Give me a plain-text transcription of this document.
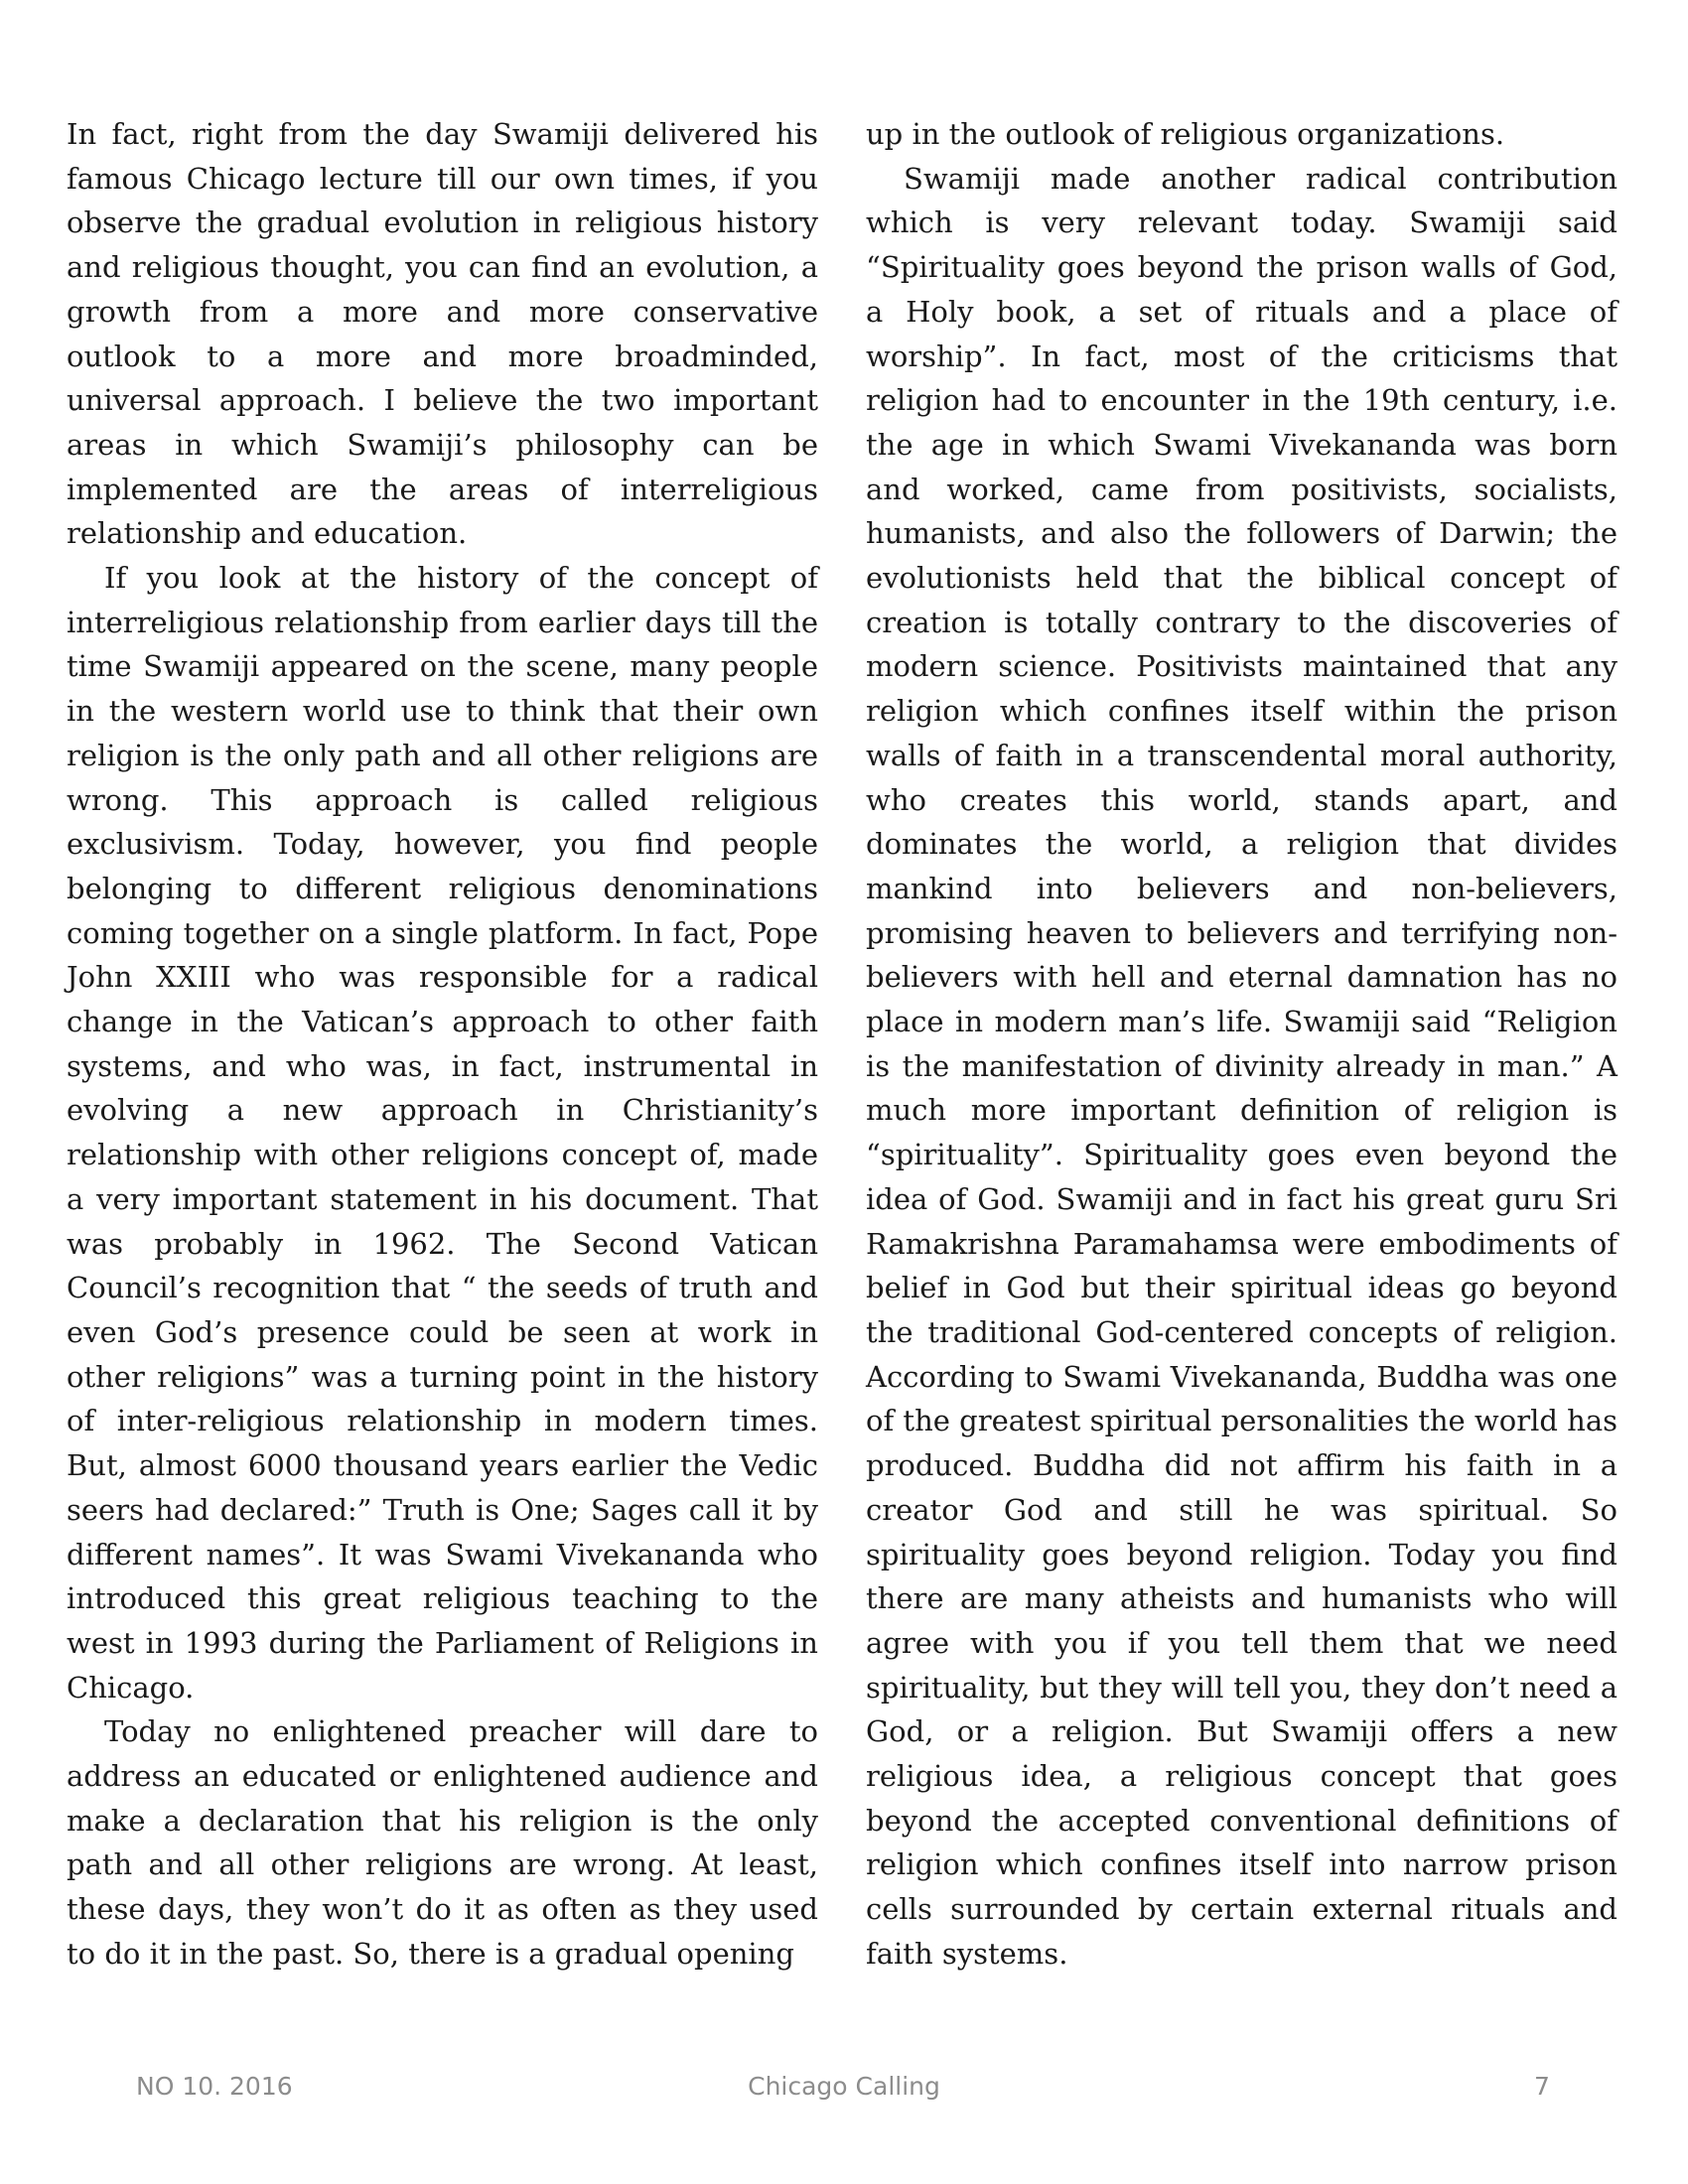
In fact, right from the day Swamiji delivered his famous Chicago lecture till our own times, if you observe the gradual evolution in religious history and religious thought, you can find an evolution, a growth from a more and more conservative outlook to a more and more broadminded, universal approach. I believe the two important areas in which Swamiji’s philosophy can be implemented are the areas of interreligious relationship and education.

If you look at the history of the concept of interreligious relationship from earlier days till the time Swamiji appeared on the scene, many people in the western world use to think that their own religion is the only path and all other religions are wrong. This approach is called religious exclusivism. Today, however, you find people belonging to different religious denominations coming together on a single platform. In fact, Pope John XXIII who was responsible for a radical change in the Vatican’s approach to other faith systems, and who was, in fact, instrumental in evolving a new approach in Christianity’s relationship with other religions concept of, made a very important statement in his document. That was probably in 1962. The Second Vatican Council’s recognition that “ the seeds of truth and even God’s presence could be seen at work in other religions” was a turning point in the history of inter-religious relationship in modern times. But, almost 6000 thousand years earlier the Vedic seers had declared:” Truth is One; Sages call it by different names”. It was Swami Vivekananda who introduced this great religious teaching to the west in 1993 during the Parliament of Religions in Chicago.

Today no enlightened preacher will dare to address an educated or enlightened audience and make a declaration that his religion is the only path and all other religions are wrong. At least, these days, they won’t do it as often as they used to do it in the past. So, there is a gradual opening

up in the outlook of religious organizations.

Swamiji made another radical contribution which is very relevant today. Swamiji said “Spirituality goes beyond the prison walls of God, a Holy book, a set of rituals and a place of worship”. In fact, most of the criticisms that religion had to encounter in the 19th century, i.e. the age in which Swami Vivekananda was born and worked, came from positivists, socialists, humanists, and also the followers of Darwin; the evolutionists held that the biblical concept of creation is totally contrary to the discoveries of modern science. Positivists maintained that any religion which confines itself within the prison walls of faith in a transcendental moral authority, who creates this world, stands apart, and dominates the world, a religion that divides mankind into believers and non-believers, promising heaven to believers and terrifying non-believers with hell and eternal damnation has no place in modern man’s life. Swamiji said “Religion is the manifestation of divinity already in man.” A much more important definition of religion is “spirituality”. Spirituality goes even beyond the idea of God. Swamiji and in fact his great guru Sri Ramakrishna Paramahamsa were embodiments of belief in God but their spiritual ideas go beyond the traditional God-centered concepts of religion. According to Swami Vivekananda, Buddha was one of the greatest spiritual personalities the world has produced. Buddha did not affirm his faith in a creator God and still he was spiritual. So spirituality goes beyond religion. Today you find there are many atheists and humanists who will agree with you if you tell them that we need spirituality, but they will tell you, they don’t need a God, or a religion. But Swamiji offers a new religious idea, a religious concept that goes beyond the accepted conventional definitions of religion which confines itself into narrow prison cells surrounded by certain external rituals and faith systems.

NO 10. 2016	Chicago Calling	7
